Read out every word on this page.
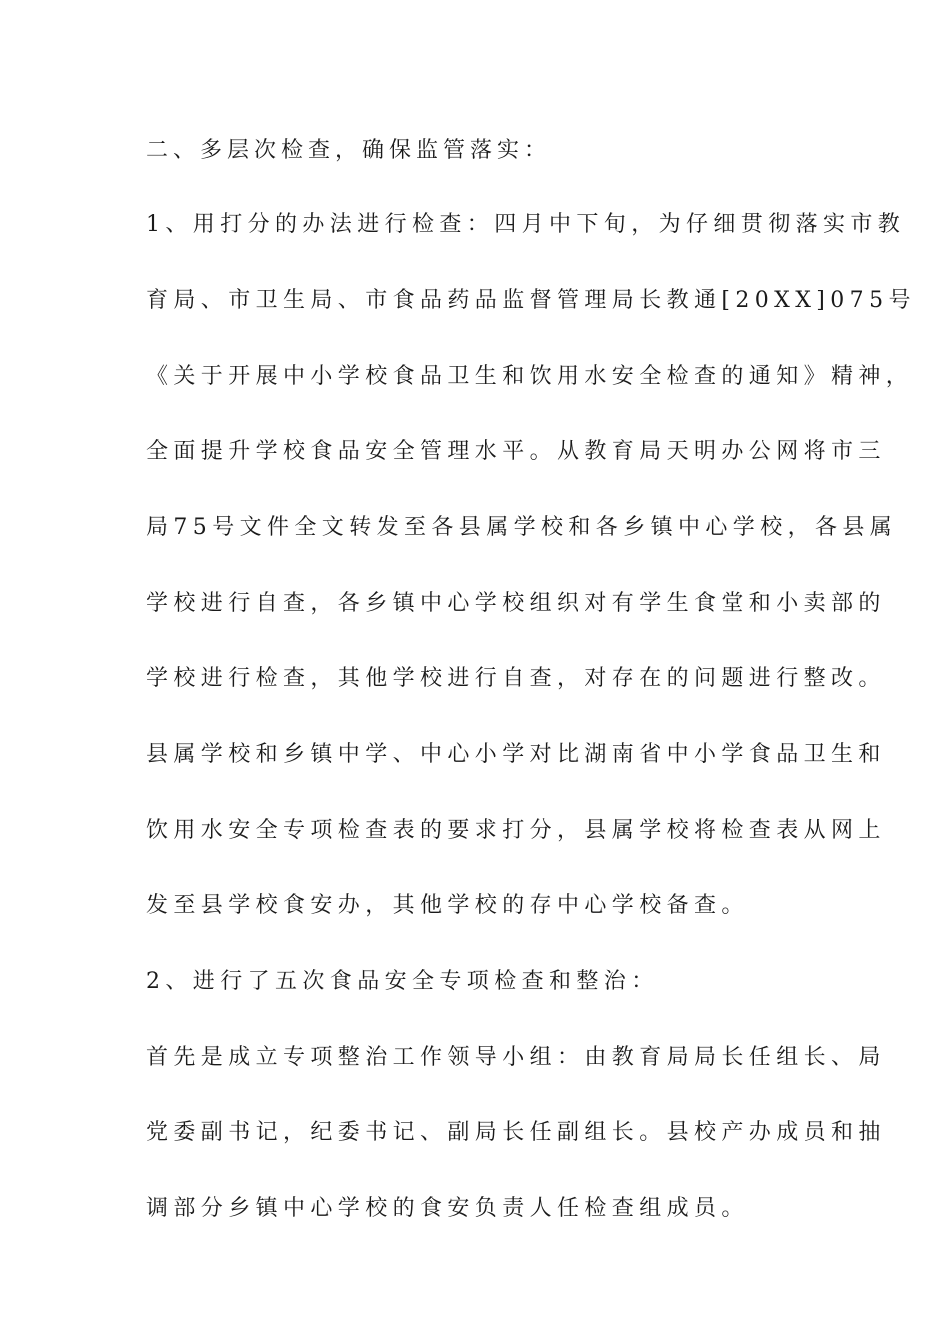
二、多层次检查，确保监管落实：
1、用打分的办法进行检查：四月中下旬，为仔细贯彻落实市教
育局、市卫生局、市食品药品监督管理局长教通[20XX]075号
《关于开展中小学校食品卫生和饮用水安全检查的通知》精神，
全面提升学校食品安全管理水平。从教育局天明办公网将市三
局75号文件全文转发至各县属学校和各乡镇中心学校，各县属
学校进行自查，各乡镇中心学校组织对有学生食堂和小卖部的
学校进行检查，其他学校进行自查，对存在的问题进行整改。
县属学校和乡镇中学、中心小学对比湖南省中小学食品卫生和
饮用水安全专项检查表的要求打分，县属学校将检查表从网上
发至县学校食安办，其他学校的存中心学校备查。
2、进行了五次食品安全专项检查和整治：
首先是成立专项整治工作领导小组：由教育局局长任组长、局
党委副书记，纪委书记、副局长任副组长。县校产办成员和抽
调部分乡镇中心学校的食安负责人任检查组成员。
